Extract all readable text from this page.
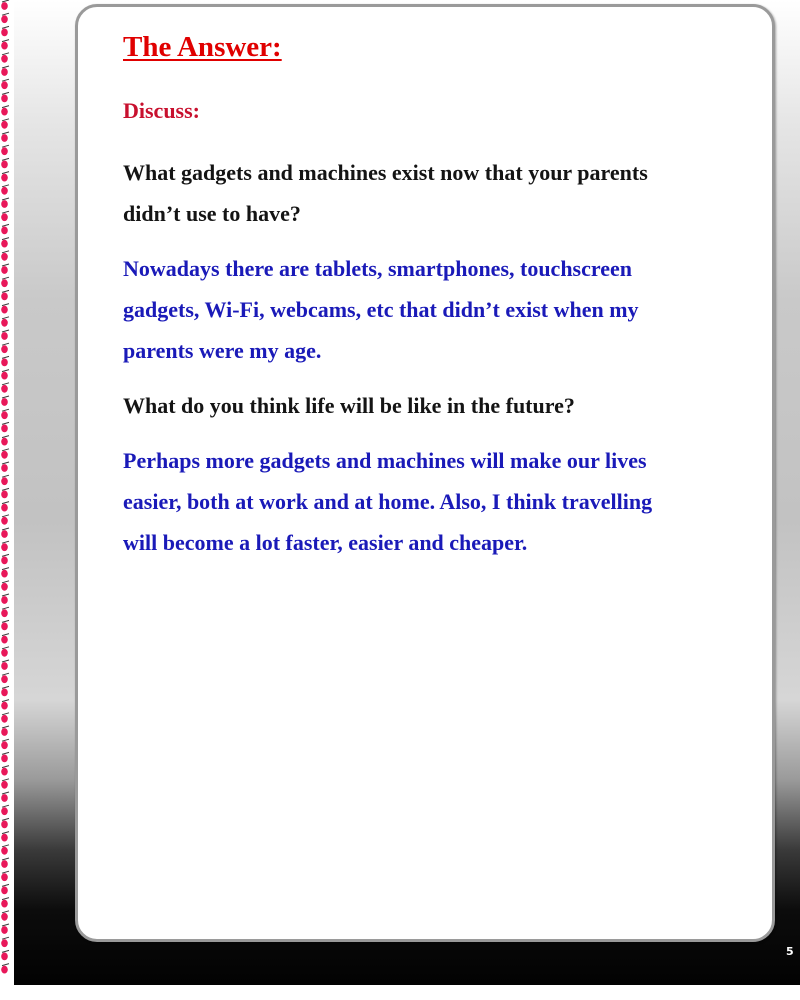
The Answer:
Discuss:

What gadgets and machines exist now that your parents
didn’t use to have?

Nowadays there are tablets, smartphones, touchscreen
gadgets, Wi-Fi, webcams, etc that didn’t exist when my
parents were my age.

What do you think life will be like in the future?

Perhaps more gadgets and machines will make our lives
easier, both at work and at home. Also, I think travelling
will become a lot faster, easier and cheaper.

5
